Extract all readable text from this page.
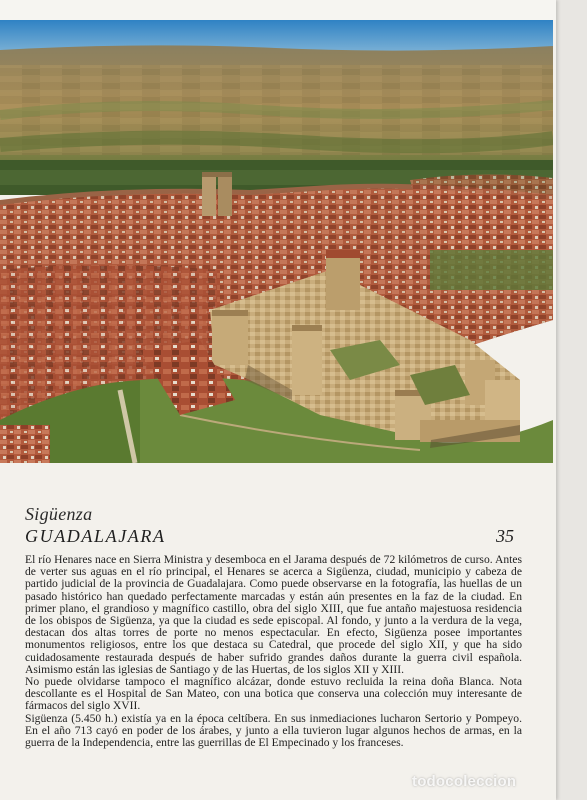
Sigüenza
GUADALAJARA	35

El río Henares nace en Sierra Ministra y desemboca en el Jarama después de 72 kilómetros de curso. Antes de verter sus aguas en el río principal, el Henares se acerca a Sigüenza, ciudad, municipio y cabeza de partido judicial de la provincia de Guadalajara. Como puede observarse en la fotografía, las huellas de un pasado histórico han quedado perfectamente marcadas y están aún presentes en la faz de la ciudad. En primer plano, el grandioso y magnífico castillo, obra del siglo XIII, que fue antaño majestuosa residencia de los obispos de Sigüenza, ya que la ciudad es sede episcopal. Al fondo, y junto a la verdura de la vega, destacan dos altas torres de porte no menos espectacular. En efecto, Sigüenza posee importantes monumentos religiosos, entre los que destaca su Catedral, que procede del siglo XII, y que ha sido cuidadosamente restaurada después de haber sufrido grandes daños durante la guerra civil española. Asimismo están las iglesias de Santiago y de las Huertas, de los siglos XII y XIII.

No puede olvidarse tampoco el magnífico alcázar, donde estuvo recluida la reina doña Blanca. Nota descollante es el Hospital de San Mateo, con una botica que conserva una colección muy interesante de fármacos del siglo XVII.

Sigüenza (5.450 h.) existía ya en la época celtíbera. En sus inmediaciones lucharon Sertorio y Pompeyo. En el año 713 cayó en poder de los árabes, y junto a ella tuvieron lugar algunos hechos de armas, en la guerra de la Independencia, entre las guerrillas de El Empecinado y los franceses.

todocoleccion
